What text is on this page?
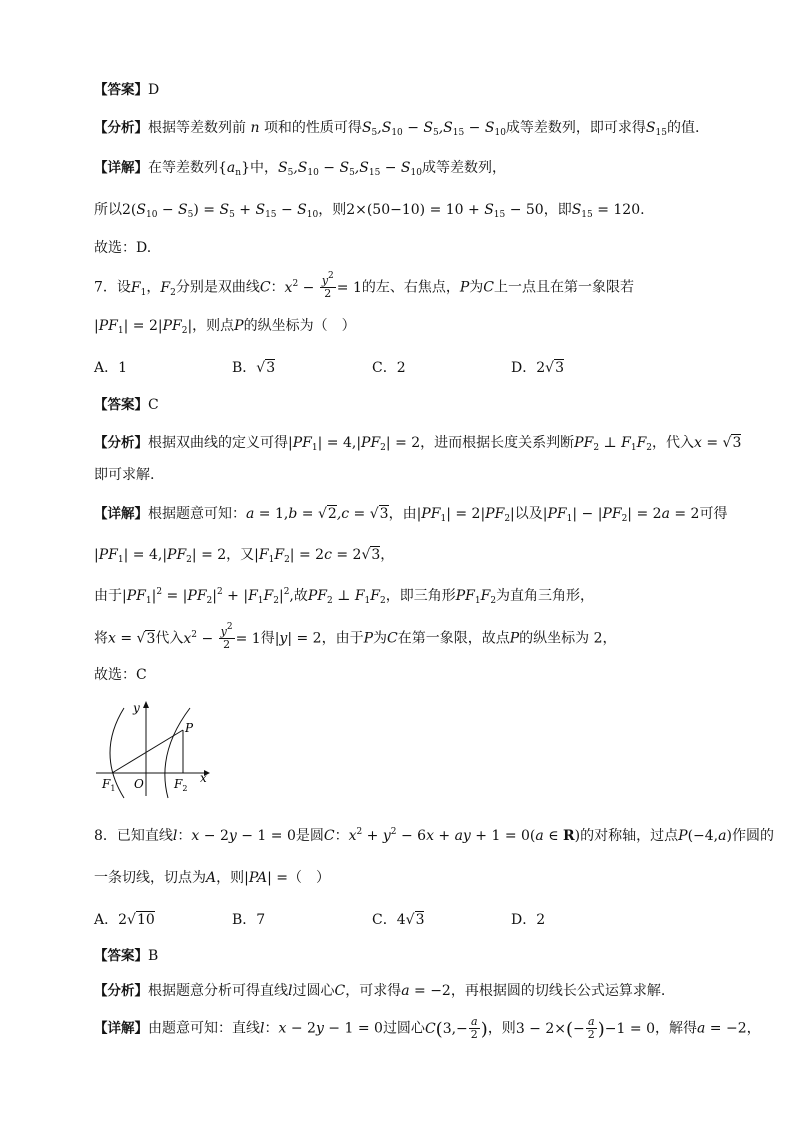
【答案】D
【分析】根据等差数列前 n 项和的性质可得$S_5,S_{10} - S_5,S_{15} - S_{10}$成等差数列，即可求得$S_{15}$的值.
【详解】在等差数列$\{a_n\}$中，$S_5,S_{10} - S_5,S_{15} - S_{10}$成等差数列，
所以$2(S_{10} - S_5) = S_5 + S_{15} - S_{10}$，则$2\times(50-10) = 10 + S_{15} - 50$，即$S_{15} = 120$.
故选：D.
7．设$F_1$，$F_2$分别是双曲线C：$x^2 - \frac{y^2}{2} = 1$的左、右焦点，P为C上一点且在第一象限若
$|PF_1| = 2|PF_2|$，则点P的纵坐标为（　）
A．1	B．√3	C．2	D．2√3
【答案】C
【分析】根据双曲线的定义可得$|PF_1| = 4,|PF_2| = 2$，进而根据长度关系判断$PF_2$ ⊥ $F_1F_2$，代入x = √3
即可求解.
【详解】根据题意可知：a = 1,b = √2,c = √3，由$|PF_1| = 2|PF_2|$以及$|PF_1| - |PF_2| = 2a = 2$可得
$|PF_1| = 4,|PF_2| = 2$，又$|F_1F_2| = 2c = 2√3$，
由于$|PF_1|^2 = |PF_2|^2 + |F_1F_2|^2$,故$PF_2$ ⊥ $F_1F_2$，即三角形$PF_1F_2$为直角三角形，
将x = √3代入$x^2 - \frac{y^2}{2} = 1$得|y| = 2，由于P为C在第一象限，故点P的纵坐标为 2，
故选：C
y
x
P
O
$F_1$	$F_2$
8．已知直线l：x − 2y − 1 = 0是圆C：$x^2 + y^2 - 6x$ + ay + 1 = 0(a ∈ R)的对称轴，过点P(−4,a)作圆的
一条切线，切点为A，则|PA| =（　）
A．2√10	B．7	C．4√3	D．2
【答案】B
【分析】根据题意分析可得直线l过圆心C，可求得a = −2，再根据圆的切线长公式运算求解.
【详解】由题意可知：直线l：x − 2y − 1 = 0过圆心$C(3,- \frac{a}{2}$ )，则$3 - 2\times(- \frac{a}{2} )-1 = 0$，解得a = −2，
